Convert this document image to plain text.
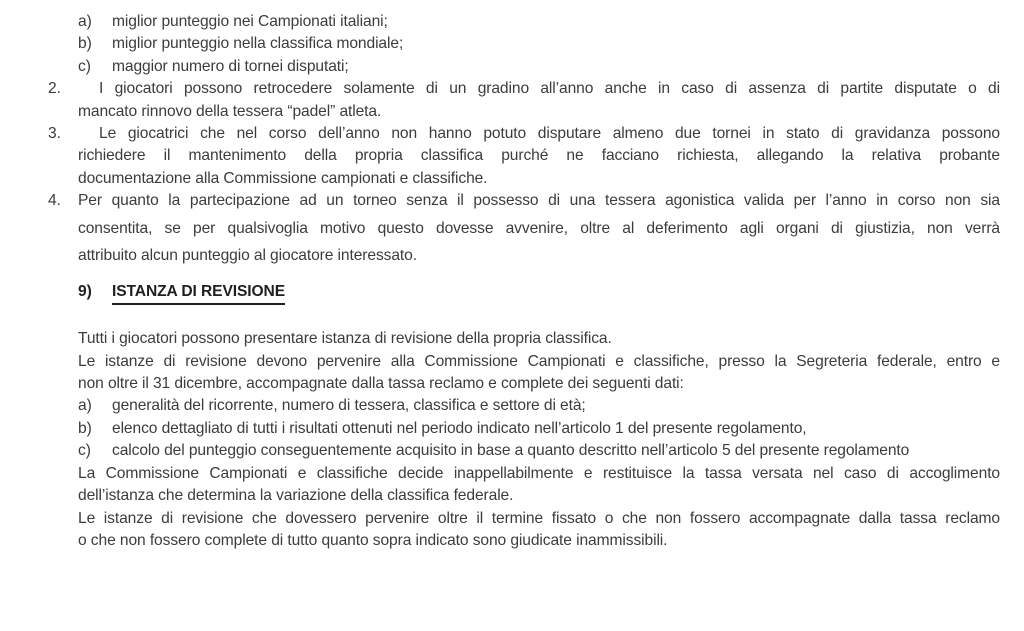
a) miglior punteggio nei Campionati italiani;
b) miglior punteggio nella classifica mondiale;
c) maggior numero di tornei disputati;
2.	I giocatori possono retrocedere solamente di un gradino all’anno anche in caso di assenza di partite disputate o di
mancato rinnovo della tessera “padel” atleta.
3.	Le giocatrici che nel corso dell’anno non hanno potuto disputare almeno due tornei in stato di gravidanza possono
richiedere il mantenimento della propria classifica purché ne facciano richiesta, allegando la relativa probante
documentazione alla Commissione campionati e classifiche.
4. Per quanto la partecipazione ad un torneo senza il possesso di una tessera agonistica valida per l’anno in corso non sia
consentita, se per qualsivoglia motivo questo dovesse avvenire, oltre al deferimento agli organi di giustizia, non verrà
attribuito alcun punteggio al giocatore interessato.
9) ISTANZA DI REVISIONE
Tutti i giocatori possono presentare istanza di revisione della propria classifica.
Le istanze di revisione devono pervenire alla Commissione Campionati e classifiche, presso la Segreteria federale, entro e
non oltre il 31 dicembre, accompagnate dalla tassa reclamo e complete dei seguenti dati:
a) generalità del ricorrente, numero di tessera, classifica e settore di età;
b) elenco dettagliato di tutti i risultati ottenuti nel periodo indicato nell’articolo 1 del presente regolamento,
c) calcolo del punteggio conseguentemente acquisito in base a quanto descritto nell’articolo 5 del presente regolamento
La Commissione Campionati e classifiche decide inappellabilmente e restituisce la tassa versata nel caso di accoglimento
dell’istanza che determina la variazione della classifica federale.
Le istanze di revisione che dovessero pervenire oltre il termine fissato o che non fossero accompagnate dalla tassa reclamo
o che non fossero complete di tutto quanto sopra indicato sono giudicate inammissibili.
